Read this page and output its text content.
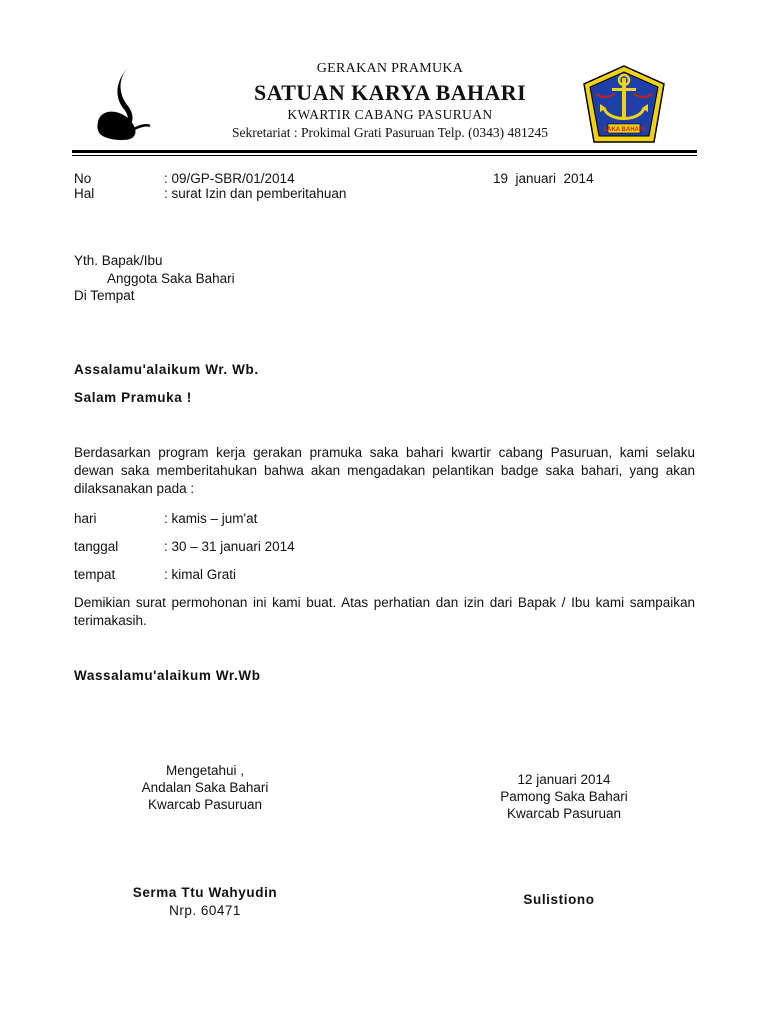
GERAKAN PRAMUKA
SATUAN KARYA BAHARI
KWARTIR CABANG PASURUAN
Sekretariat : Prokimal Grati Pasuruan Telp. (0343) 481245	SAKA BAHARI
No	: 09/GP-SBR/01/2014	19  januari  2014
Hal	: surat Izin dan pemberitahuan
Yth. Bapak/Ibu
Anggota Saka Bahari
Di Tempat
Assalamu'alaikum Wr. Wb.
Salam Pramuka !
Berdasarkan program kerja gerakan pramuka saka bahari kwartir cabang Pasuruan, kami selaku dewan saka memberitahukan bahwa akan mengadakan pelantikan badge saka bahari, yang akan dilaksanakan pada :
hari	: kamis – jum'at
tanggal	: 30 – 31 januari 2014
tempat	: kimal Grati
Demikian surat permohonan ini kami buat. Atas perhatian dan izin dari Bapak / Ibu kami sampaikan terimakasih.
Wassalamu'alaikum Wr.Wb
Mengetahui ,
Andalan Saka Bahari
Kwarcab Pasuruan
Serma Ttu Wahyudin
Nrp. 60471
12 januari 2014
Pamong Saka Bahari
Kwarcab Pasuruan
Sulistiono
